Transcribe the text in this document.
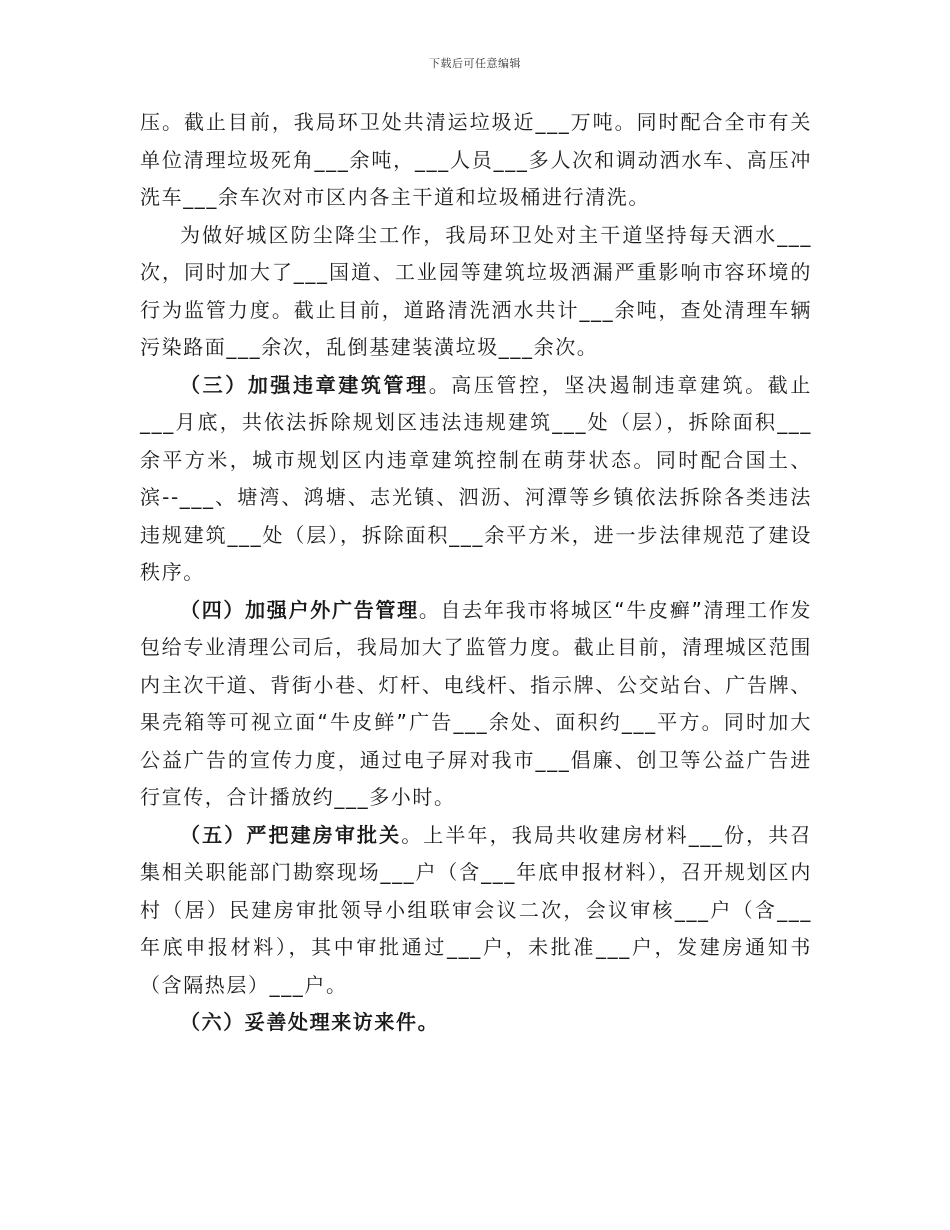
下载后可任意编辑

压。截止目前，我局环卫处共清运垃圾近___万吨。同时配合全市有关单位清理垃圾死角___余吨，___人员___多人次和调动洒水车、高压冲洗车___余车次对市区内各主干道和垃圾桶进行清洗。

为做好城区防尘降尘工作，我局环卫处对主干道坚持每天洒水___次，同时加大了___国道、工业园等建筑垃圾洒漏严重影响市容环境的行为监管力度。截止目前，道路清洗洒水共计___余吨，查处清理车辆污染路面___余次，乱倒基建装潢垃圾___余次。

（三）加强违章建筑管理。高压管控，坚决遏制违章建筑。截止___月底，共依法拆除规划区违法违规建筑___处（层），拆除面积___余平方米，城市规划区内违章建筑控制在萌芽状态。同时配合国土、滨--___、塘湾、鸿塘、志光镇、泗沥、河潭等乡镇依法拆除各类违法违规建筑___处（层），拆除面积___余平方米，进一步法律规范了建设秩序。

（四）加强户外广告管理。自去年我市将城区“牛皮癣”清理工作发包给专业清理公司后，我局加大了监管力度。截止目前，清理城区范围内主次干道、背街小巷、灯杆、电线杆、指示牌、公交站台、广告牌、果壳箱等可视立面“牛皮鲜”广告___余处、面积约___平方。同时加大公益广告的宣传力度，通过电子屏对我市___倡廉、创卫等公益广告进行宣传，合计播放约___多小时。

（五）严把建房审批关。上半年，我局共收建房材料___份，共召集相关职能部门勘察现场___户（含___年底申报材料），召开规划区内村（居）民建房审批领导小组联审会议二次，会议审核___户（含___年底申报材料），其中审批通过___户，未批准___户，发建房通知书（含隔热层）___户。

（六）妥善处理来访来件。
